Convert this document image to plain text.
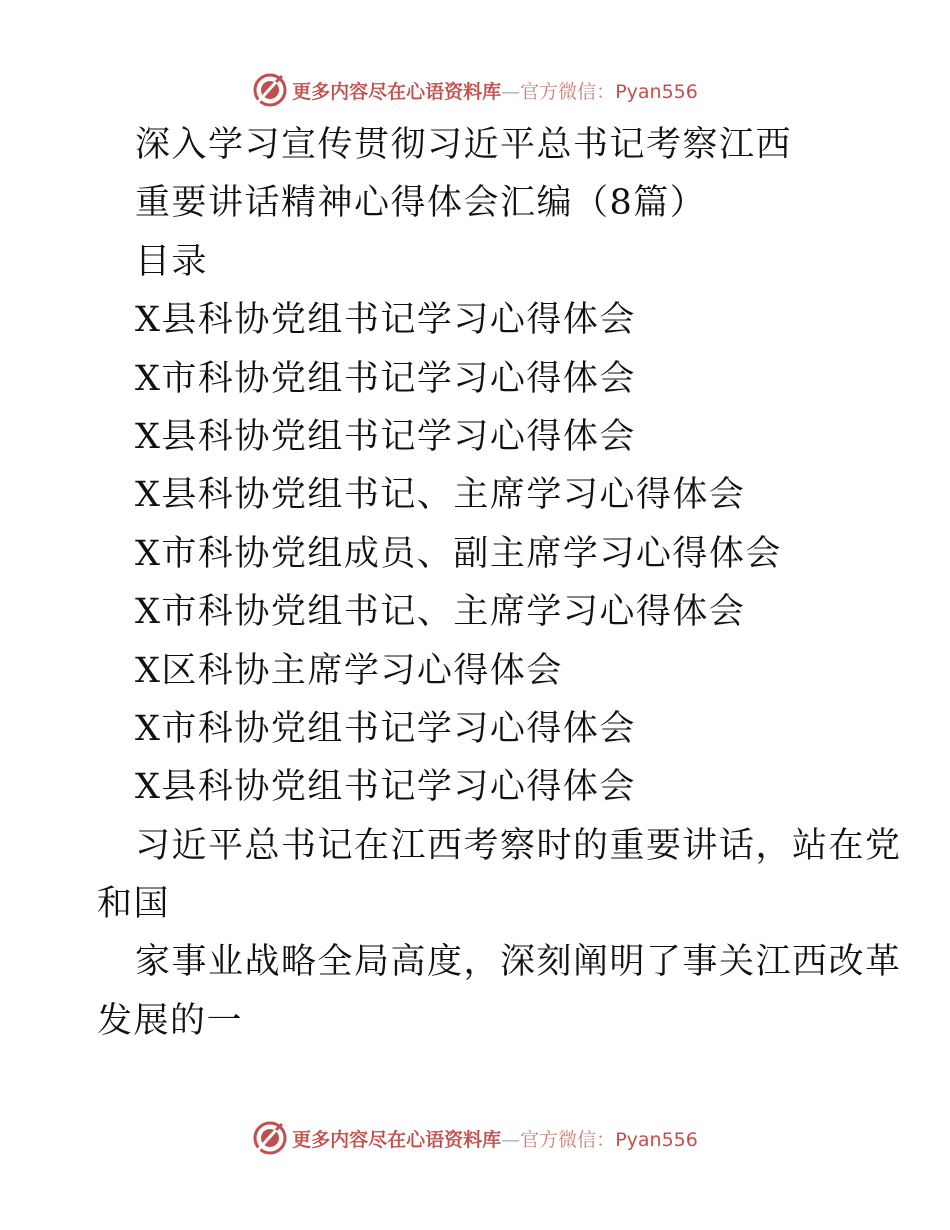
更多内容尽在心语资料库—官方微信：Pyan556
深入学习宣传贯彻习近平总书记考察江西
重要讲话精神心得体会汇编（8篇）
目录
X县科协党组书记学习心得体会
X市科协党组书记学习心得体会
X县科协党组书记学习心得体会
X县科协党组书记、主席学习心得体会
X市科协党组成员、副主席学习心得体会
X市科协党组书记、主席学习心得体会
X区科协主席学习心得体会
X市科协党组书记学习心得体会
X县科协党组书记学习心得体会
习近平总书记在江西考察时的重要讲话，站在党
和国
家事业战略全局高度，深刻阐明了事关江西改革
发展的一
更多内容尽在心语资料库—官方微信：Pyan556
